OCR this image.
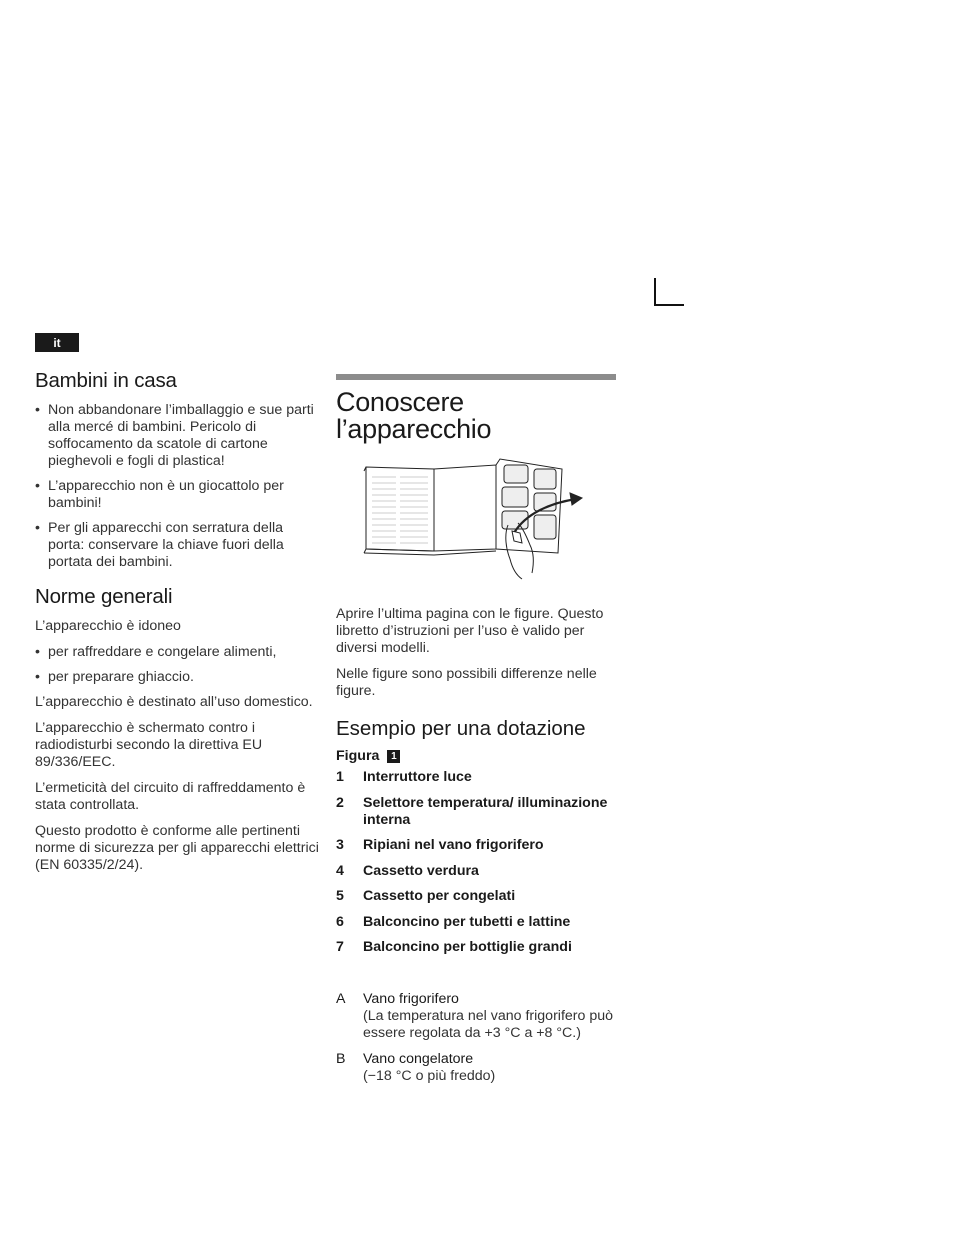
it
Bambini in casa
• Non abbandonare l’imballaggio e sue parti alla mercé di bambini. Pericolo di soffocamento da scatole di cartone pieghevoli e fogli di plastica!
• L’apparecchio non è un giocattolo per bambini!
• Per gli apparecchi con serratura della porta: conservare la chiave fuori della portata dei bambini.
Norme generali

L’apparecchio è idoneo

• per raffreddare e congelare alimenti,
• per preparare ghiaccio.

L’apparecchio è destinato all’uso domestico.

L’apparecchio è schermato contro i radiodisturbi secondo la direttiva EU 89/336/EEC.

L’ermeticità del circuito di raffreddamento è stata controllata.

Questo prodotto è conforme alle pertinenti norme di sicurezza per gli apparecchi elettrici (EN 60335/2/24).

Conoscere l’apparecchio

Aprire l’ultima pagina con le figure. Questo libretto d’istruzioni per l’uso è valido per diversi modelli.

Nelle figure sono possibili differenze nelle figure.

Esempio per una dotazione
Figura	1
1	Interruttore luce
2	Selettore temperatura/ illuminazione interna
3	Ripiani nel vano frigorifero
4	Cassetto verdura
5	Cassetto per congelati
6	Balconcino per tubetti e lattine
7	Balconcino per bottiglie grandi
A	Vano frigorifero
(La temperatura nel vano frigorifero può essere regolata da +3 °C a +8 °C.)
B	Vano congelatore
(−18 °C o più freddo)
